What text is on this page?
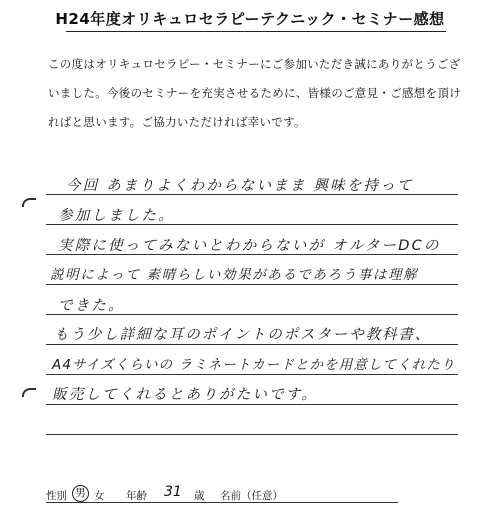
H24年度オリキュロセラピーテクニック・セミナー感想
この度はオリキュロセラピー・セミナーにご参加いただき誠にありがとうござ
いました。今後のセミナーを充実させるために、皆様のご意見・ご感想を頂け
ればと思います。ご協力いただければ幸いです。
今回 あまりよくわからないまま 興味を持って
参加しました。
実際に使ってみないとわからないが オルターDCの
説明によって 素晴らしい効果があるであろう事は理解
できた。
もう少し詳細な耳のポイントのポスターや教科書、
A4サイズくらいの ラミネートカードとかを用意してくれたり
販売してくれるとありがたいです。
性別 男 女 年齢 31 歳 名前（任意）
